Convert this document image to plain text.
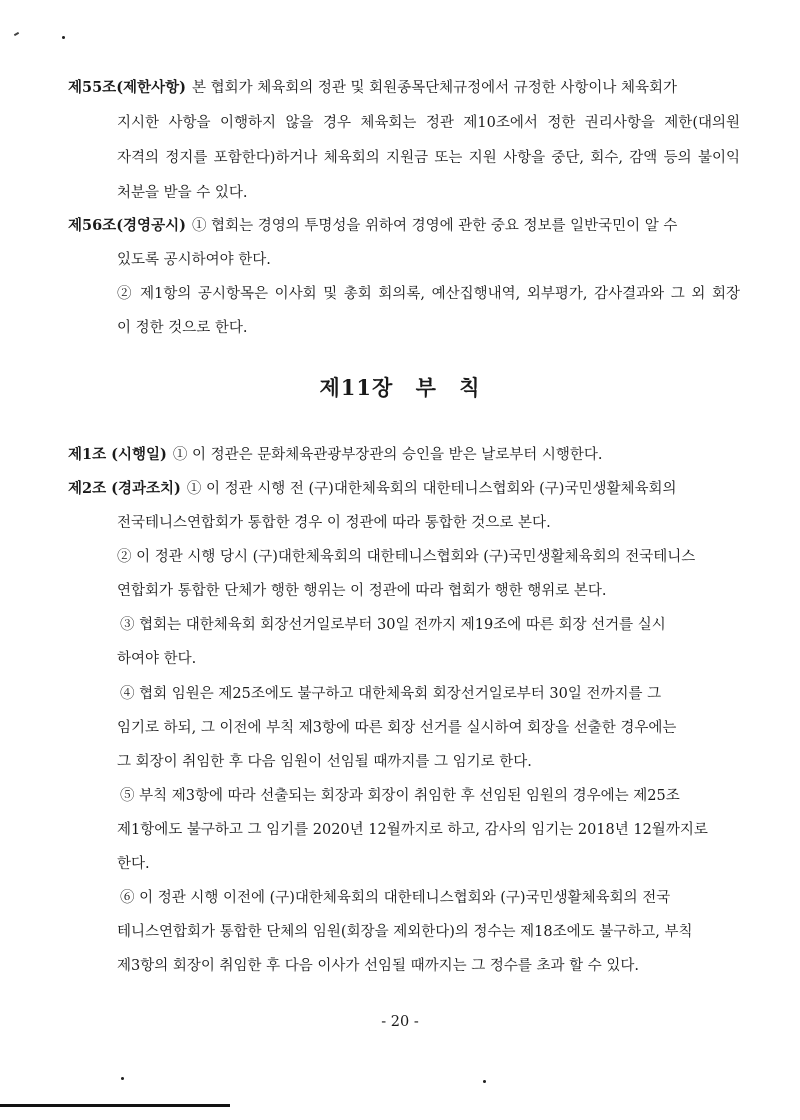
제55조(제한사항) 본 협회가 체육회의 정관 및 회원종목단체규정에서 규정한 사항이나 체육회가
지시한 사항을 이행하지 않을 경우 체육회는 정관 제10조에서 정한 권리사항을 제한(대의원
자격의 정지를 포함한다)하거나 체육회의 지원금 또는 지원 사항을 중단, 회수, 감액 등의 불이익
처분을 받을 수 있다.
제56조(경영공시) ① 협회는 경영의 투명성을 위하여 경영에 관한 중요 정보를 일반국민이 알 수
있도록 공시하여야 한다.
② 제1항의 공시항목은 이사회 및 총회 회의록, 예산집행내역, 외부평가, 감사결과와 그 외 회장
이 정한 것으로 한다.
제11장 부 칙
제1조 (시행일) ① 이 정관은 문화체육관광부장관의 승인을 받은 날로부터 시행한다.
제2조 (경과조치) ① 이 정관 시행 전 (구)대한체육회의 대한테니스협회와 (구)국민생활체육회의
전국테니스연합회가 통합한 경우 이 정관에 따라 통합한 것으로 본다.
② 이 정관 시행 당시 (구)대한체육회의 대한테니스협회와 (구)국민생활체육회의 전국테니스
연합회가 통합한 단체가 행한 행위는 이 정관에 따라 협회가 행한 행위로 본다.
③ 협회는 대한체육회 회장선거일로부터 30일 전까지 제19조에 따른 회장 선거를 실시
하여야 한다.
④ 협회 임원은 제25조에도 불구하고 대한체육회 회장선거일로부터 30일 전까지를 그
임기로 하되, 그 이전에 부칙 제3항에 따른 회장 선거를 실시하여 회장을 선출한 경우에는
그 회장이 취임한 후 다음 임원이 선임될 때까지를 그 임기로 한다.
⑤ 부칙 제3항에 따라 선출되는 회장과 회장이 취임한 후 선임된 임원의 경우에는 제25조
제1항에도 불구하고 그 임기를 2020년 12월까지로 하고, 감사의 임기는 2018년 12월까지로
한다.
⑥ 이 정관 시행 이전에 (구)대한체육회의 대한테니스협회와 (구)국민생활체육회의 전국
테니스연합회가 통합한 단체의 임원(회장을 제외한다)의 정수는 제18조에도 불구하고, 부칙
제3항의 회장이 취임한 후 다음 이사가 선임될 때까지는 그 정수를 초과 할 수 있다.
- 20 -
